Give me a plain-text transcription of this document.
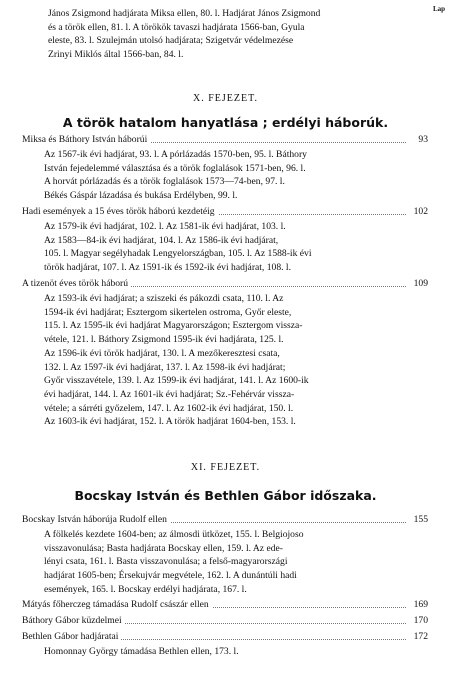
Lap
János Zsigmond hadjárata Miksa ellen, 80. l. Hadjárat János Zsigmond
és a török ellen, 81. l. A törökök tavaszi hadjárata 1566-ban, Gyula
eleste, 83. l. Szulejmán utolsó hadjárata; Szigetvár védelmezése
Zrinyi Miklós által 1566-ban, 84. l.
X. FEJEZET.
A török hatalom hanyatlása ; erdélyi háborúk.
Miksa és Báthory István háborúi	93
Az 1567-ik évi hadjárat, 93. l. A pórlázadás 1570-ben, 95. l. Báthory
István fejedelemmé választása és a török foglalások 1571-ben, 96. l.
A horvát pórlázadás és a török foglalások 1573—74-ben, 97. l.
Békés Gáspár lázadása és bukása Erdélyben, 99. l.
Hadi események a 15 éves török háború kezdetéig	102
Az 1579-ik évi hadjárat, 102. l. Az 1581-ik évi hadjárat, 103. l.
Az 1583—84-ik évi hadjárat, 104. l. Az 1586-ik évi hadjárat,
105. l. Magyar segélyhadak Lengyelországban, 105. l. Az 1588-ik évi
török hadjárat, 107. l. Az 1591-ik és 1592-ik évi hadjárat, 108. l.
A tizenöt éves török háború	109
Az 1593-ik évi hadjárat; a sziszeki és pákozdi csata, 110. l. Az
1594-ik évi hadjárat; Esztergom sikertelen ostroma, Győr eleste,
115. l. Az 1595-ik évi hadjárat Magyarországon; Esztergom vissza-
vétele, 121. l. Báthory Zsigmond 1595-ik évi hadjárata, 125. l.
Az 1596-ik évi török hadjárat, 130. l. A mezőkeresztesi csata,
132. l. Az 1597-ik évi hadjárat, 137. l. Az 1598-ik évi hadjárat;
Győr visszavétele, 139. l. Az 1599-ik évi hadjárat, 141. l. Az 1600-ik
évi hadjárat, 144. l. Az 1601-ik évi hadjárat; Sz.-Fehérvár vissza-
vétele; a sárréti győzelem, 147. l. Az 1602-ik évi hadjárat, 150. l.
Az 1603-ik évi hadjárat, 152. l. A török hadjárat 1604-ben, 153. l.
XI. FEJEZET.
Bocskay István és Bethlen Gábor időszaka.
Bocskay István háborúja Rudolf ellen	155
A fölkelés kezdete 1604-ben; az álmosdi ütközet, 155. l. Belgiojoso
visszavonulása; Basta hadjárata Bocskay ellen, 159. l. Az ede-
lényi csata, 161. l. Basta visszavonulása; a felső-magyarországi
hadjárat 1605-ben; Érsekujvár megvétele, 162. l. A dunántúli hadi
események, 165. l. Bocskay erdélyi hadjárata, 167. l.
Mátyás főherczeg támadása Rudolf császár ellen	169
Báthory Gábor küzdelmei	170
Bethlen Gábor hadjáratai	172
Homonnay György támadása Bethlen ellen, 173. l.
